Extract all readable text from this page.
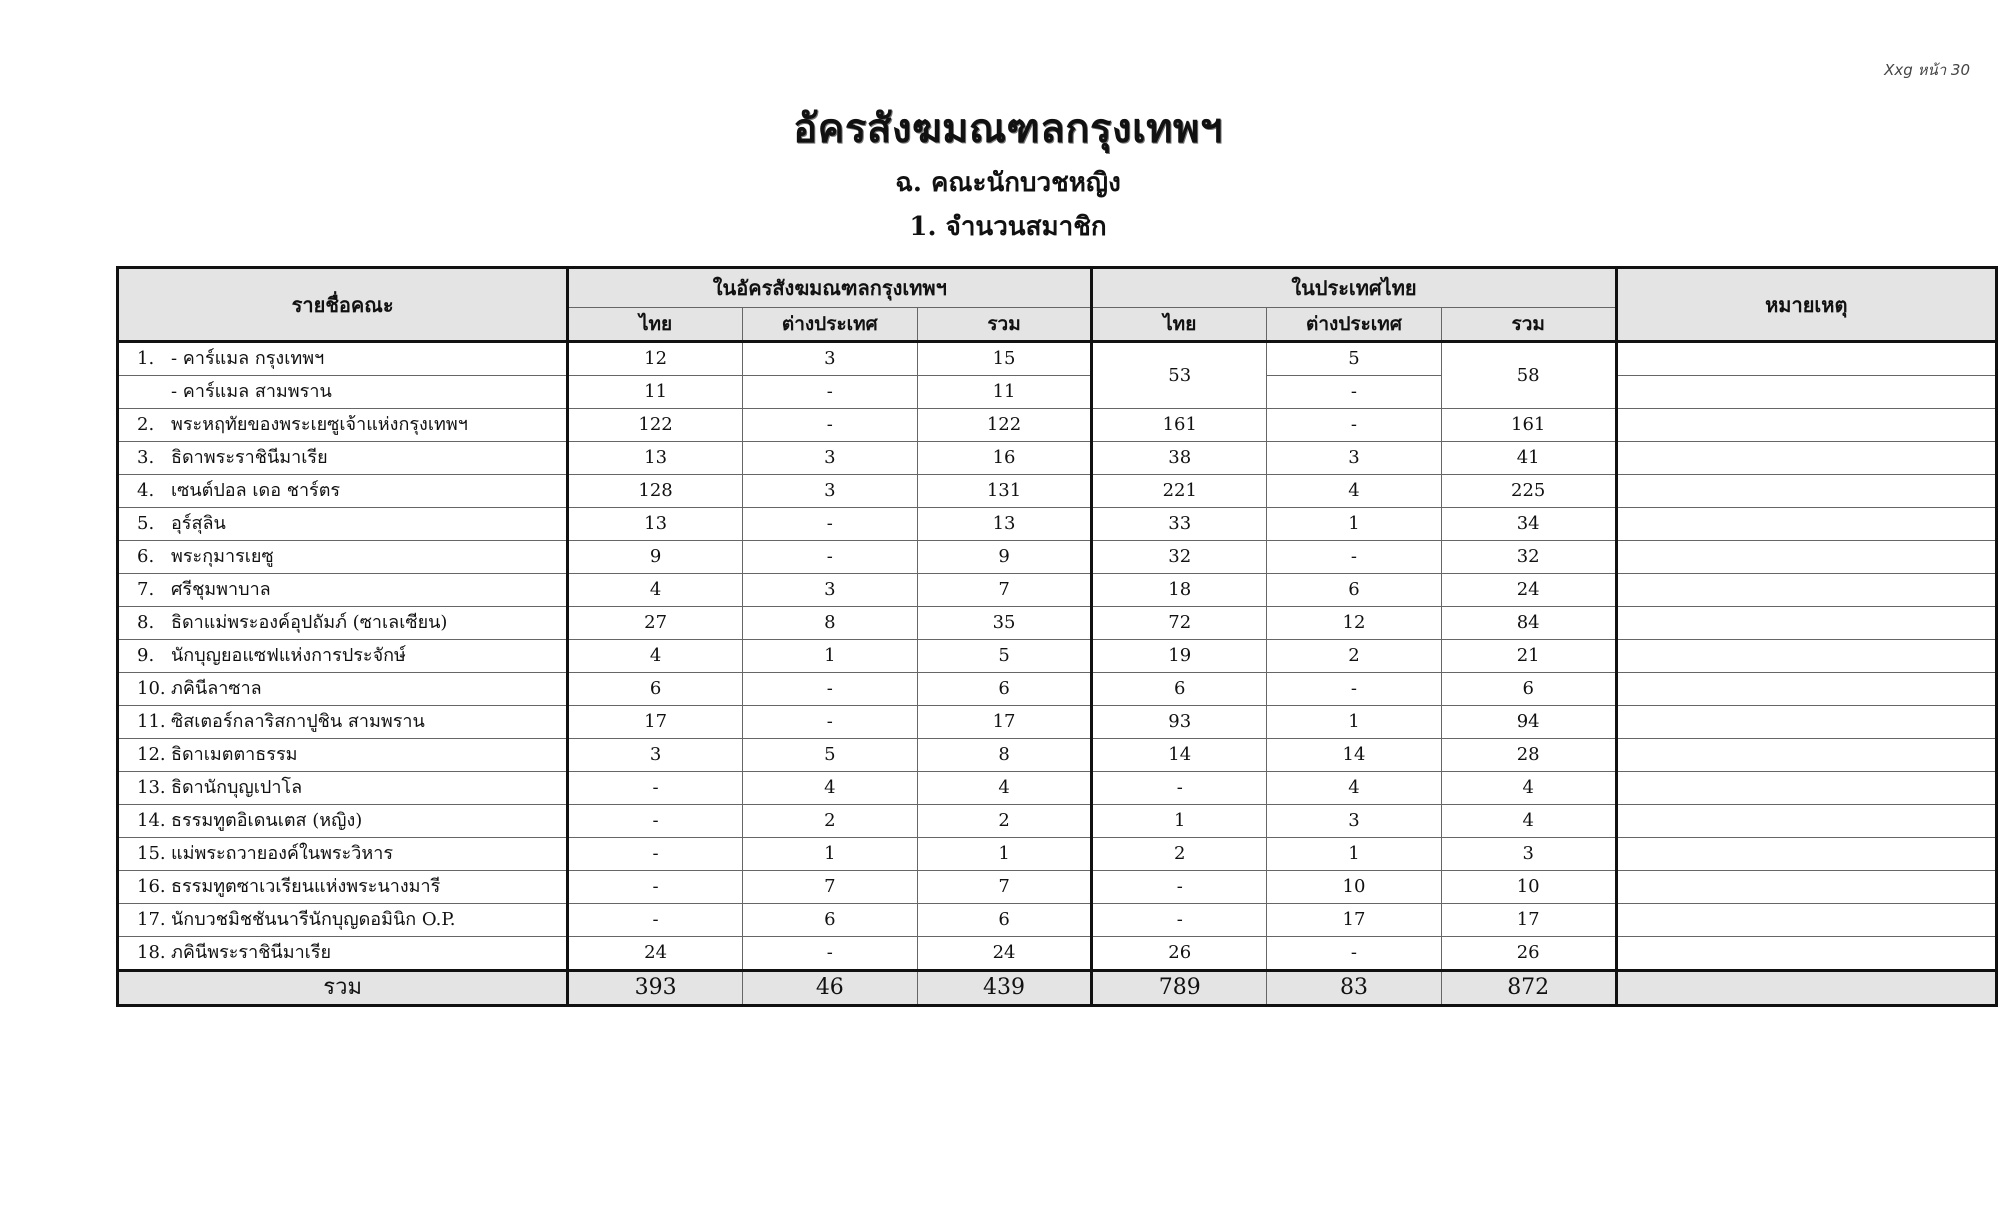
Xxg หน้า 30
อัครสังฆมณฑลกรุงเทพฯ
ฉ. คณะนักบวชหญิง
1. จำนวนสมาชิก
รายชื่อคณะ	ในอัครสังฆมณฑลกรุงเทพฯ			ในประเทศไทย			หมายเหตุ
	ไทย	ต่างประเทศ	รวม	ไทย	ต่างประเทศ	รวม	
1. - คาร์แมล กรุงเทพฯ	12	3	15	53	5	58	
- คาร์แมล สามพราน	11	-	11		-		
2. พระหฤทัยของพระเยซูเจ้าแห่งกรุงเทพฯ	122	-	122	161	-	161	
3. ธิดาพระราชินีมาเรีย	13	3	16	38	3	41	
4. เซนต์ปอล เดอ ชาร์ตร	128	3	131	221	4	225	
5. อุร์สุลิน	13	-	13	33	1	34	
6. พระกุมารเยซู	9	-	9	32	-	32	
7. ศรีชุมพาบาล	4	3	7	18	6	24	
8. ธิดาแม่พระองค์อุปถัมภ์ (ซาเลเซียน)	27	8	35	72	12	84	
9. นักบุญยอแซฟแห่งการประจักษ์	4	1	5	19	2	21	
10. ภคินีลาซาล	6	-	6	6	-	6	
11. ซิสเตอร์กลาริสกาปูชิน สามพราน	17	-	17	93	1	94	
12. ธิดาเมตตาธรรม	3	5	8	14	14	28	
13. ธิดานักบุญเปาโล	-	4	4	-	4	4	
14. ธรรมทูตอิเดนเตส (หญิง)	-	2	2	1	3	4	
15. แม่พระถวายองค์ในพระวิหาร	-	1	1	2	1	3	
16. ธรรมทูตซาเวเรียนแห่งพระนางมารี	-	7	7	-	10	10	
17. นักบวชมิชชันนารีนักบุญดอมินิก O.P.	-	6	6	-	17	17	
18. ภคินีพระราชินีมาเรีย	24	-	24	26	-	26	
รวม	393	46	439	789	83	872	
